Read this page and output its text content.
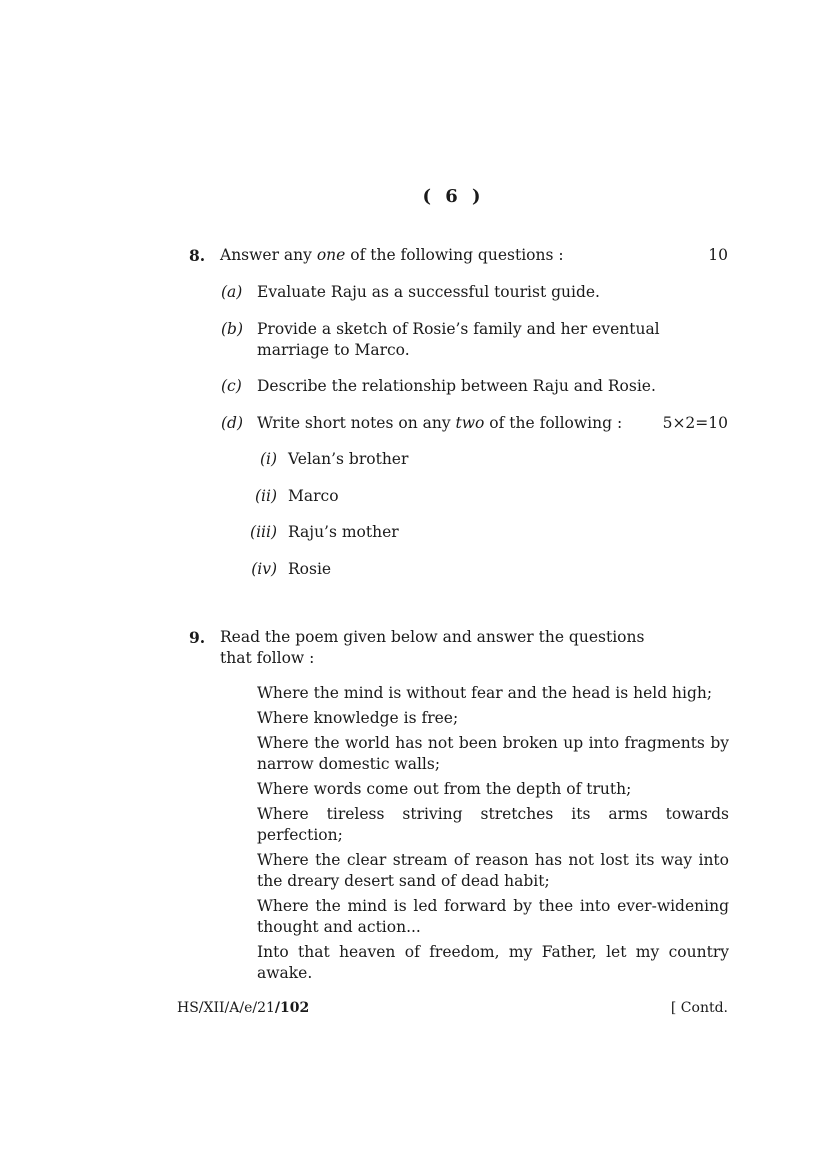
( 6 )
8. Answer any one of the following questions :	10
(a) Evaluate Raju as a successful tourist guide.
(b) Provide a sketch of Rosie’s family and her eventual
marriage to Marco.
(c) Describe the relationship between Raju and Rosie.
(d) Write short notes on any two of the following :	5×2=10
(i) Velan’s brother
(ii) Marco
(iii) Raju’s mother
(iv) Rosie
9. Read the poem given below and answer the questions
that follow :
Where the mind is without fear and the head is held high;
Where knowledge is free;
Where the world has not been broken up into fragments by narrow domestic walls;
Where words come out from the depth of truth;
Where tireless striving stretches its arms towards perfection;
Where the clear stream of reason has not lost its way into the dreary desert sand of dead habit;
Where the mind is led forward by thee into ever-widening thought and action...
Into that heaven of freedom, my Father, let my country awake.
HS/XII/A/e/21/102	[ Contd.
